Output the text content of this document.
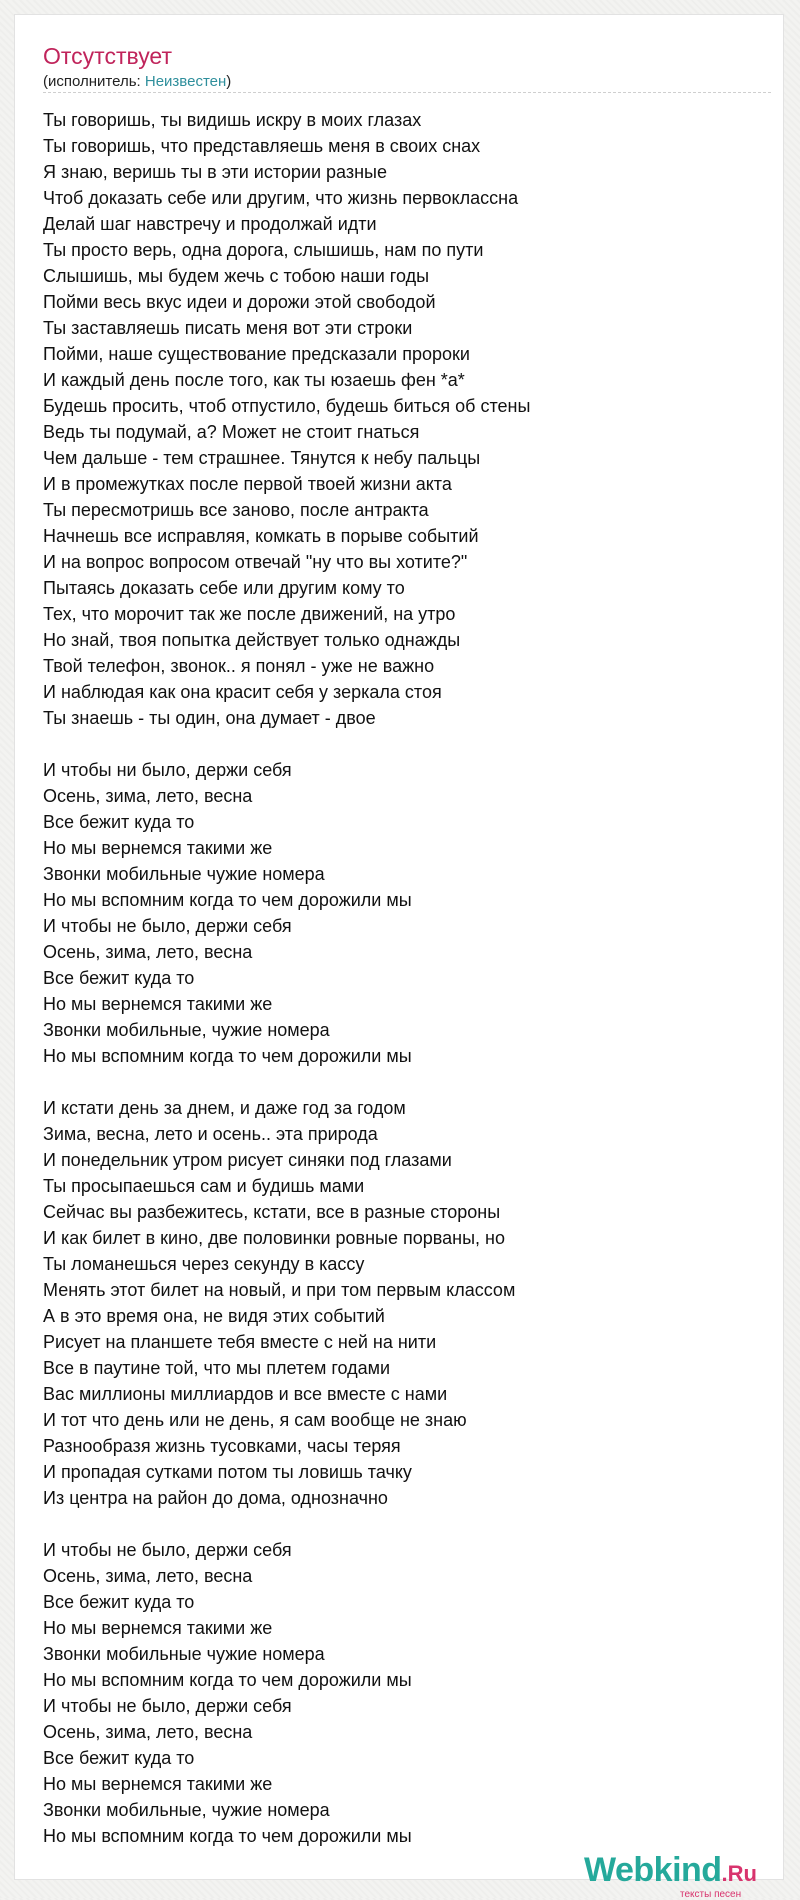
Отсутствует
(исполнитель: Неизвестен)
Ты говоришь, ты видишь искру в моих глазах
Ты говоришь, что представляешь меня в своих снах
Я знаю, веришь ты в эти истории разные
Чтоб доказать себе или другим, что жизнь первоклассна
Делай шаг навстречу и продолжай идти
Ты просто верь, одна дорога, слышишь, нам по пути
Слышишь, мы будем жечь с тобою наши годы
Пойми весь вкус идеи и дорожи этой свободой
Ты заставляешь писать меня вот эти строки
Пойми, наше существование предсказали пророки
И каждый день после того, как ты юзаешь фен *а*
Будешь просить, чтоб отпустило, будешь биться об стены
Ведь ты подумай, а? Может не стоит гнаться
Чем дальше - тем страшнее. Тянутся к небу пальцы
И в промежутках после первой твоей жизни акта
Ты пересмотришь все заново, после антракта
Начнешь все исправляя, комкать в порыве событий
И на вопрос вопросом отвечай "ну что вы хотите?"
Пытаясь доказать себе или другим кому то
Тех, что морочит так же после движений, на утро
Но знай, твоя попытка действует только однажды
Твой телефон, звонок.. я понял - уже не важно
И наблюдая как она красит себя у зеркала стоя
Ты знаешь - ты один, она думает - двое
И чтобы ни было, держи себя
Осень, зима, лето, весна
Все бежит куда то
Но мы вернемся такими же
Звонки мобильные чужие номера
Но мы вспомним когда то чем дорожили мы
И чтобы не было, держи себя
Осень, зима, лето, весна
Все бежит куда то
Но мы вернемся такими же
Звонки мобильные, чужие номера
Но мы вспомним когда то чем дорожили мы
И кстати день за днем, и даже год за годом
Зима, весна, лето и осень.. эта природа
И понедельник утром рисует синяки под глазами
Ты просыпаешься сам и будишь мами
Сейчас вы разбежитесь, кстати, все в разные стороны
И как билет в кино, две половинки ровные порваны, но
Ты ломанешься через секунду в кассу
Менять этот билет на новый, и при том первым классом
А в это время она, не видя этих событий
Рисует на планшете тебя вместе с ней на нити
Все в паутине той, что мы плетем годами
Вас миллионы миллиардов и все вместе с нами
И тот что день или не день, я сам вообще не знаю
Разнообразя жизнь тусовками, часы теряя
И пропадая сутками потом ты ловишь тачку
Из центра на район до дома, однозначно
И чтобы не было, держи себя
Осень, зима, лето, весна
Все бежит куда то
Но мы вернемся такими же
Звонки мобильные чужие номера
Но мы вспомним когда то чем дорожили мы
И чтобы не было, держи себя
Осень, зима, лето, весна
Все бежит куда то
Но мы вернемся такими же
Звонки мобильные, чужие номера
Но мы вспомним когда то чем дорожили мы
Webkind.Ru
тексты песен
